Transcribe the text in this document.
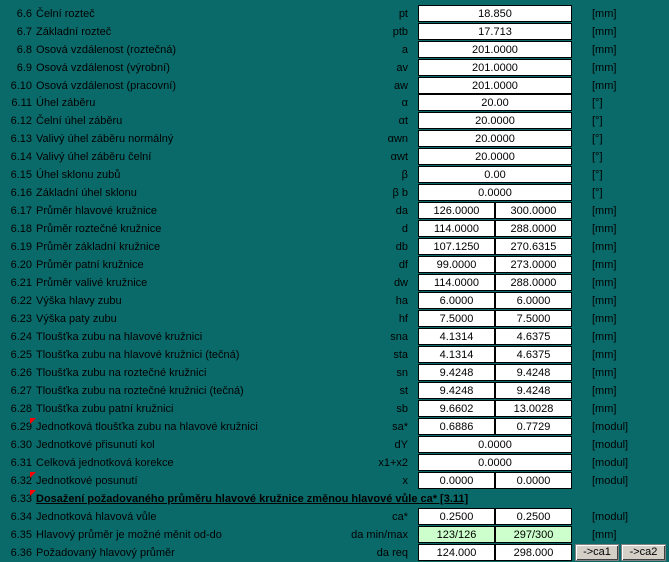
6.6 Čelní rozteč	pt	18.850	[mm]
6.7 Základní rozteč	ptb	17.713	[mm]
6.8 Osová vzdálenost (roztečná)	a	201.0000	[mm]
6.9 Osová vzdálenost (výrobní)	av	201.0000	[mm]
6.10 Osová vzdálenost (pracovní)	aw	201.0000	[mm]
6.11 Úhel záběru	α	20.00	[°]
6.12 Čelní úhel záběru	αt	20.0000	[°]
6.13 Valivý úhel záběru normálný	αwn	20.0000	[°]
6.14 Valivý úhel záběru čelní	αwt	20.0000	[°]
6.15 Úhel sklonu zubů	β	0.00	[°]
6.16 Základní úhel sklonu	β b	0.0000	[°]
6.17 Průměr hlavové kružnice	da	126.0000	300.0000	[mm]
6.18 Průměr roztečné kružnice	d	114.0000	288.0000	[mm]
6.19 Průměr základní kružnice	db	107.1250	270.6315	[mm]
6.20 Průměr patní kružnice	df	99.0000	273.0000	[mm]
6.21 Průměr valivé kružnice	dw	114.0000	288.0000	[mm]
6.22 Výška hlavy zubu	ha	6.0000	6.0000	[mm]
6.23 Výška paty zubu	hf	7.5000	7.5000	[mm]
6.24 Tloušťka zubu na hlavové kružnici	sna	4.1314	4.6375	[mm]
6.25 Tloušťka zubu na hlavové kružnici (tečná)	sta	4.1314	4.6375	[mm]
6.26 Tloušťka zubu na roztečné kružnici	sn	9.4248	9.4248	[mm]
6.27 Tloušťka zubu na roztečné kružnici (tečná)	st	9.4248	9.4248	[mm]
6.28 Tloušťka zubu patní kružnici	sb	9.6602	13.0028	[mm]
6.29 Jednotková tloušťka zubu na hlavové kružnici	sa*	0.6886	0.7729	[modul]
6.30 Jednotkové přisunutí kol	dY	0.0000	[modul]
6.31 Celková jednotková korekce	x1+x2	0.0000	[modul]
6.32 Jednotkové posunutí	x	0.0000	0.0000	[modul]
6.33 Dosažení požadovaného průměru hlavové kružnice změnou hlavové vůle ca* [3.11]
6.34 Jednotková hlavová vůle	ca*	0.2500	0.2500	[modul]
6.35 Hlavový průměr je možné měnit od-do	da min/max	123/126	297/300	[mm]
6.36 Požadovaný hlavový průměr	da req	124.000	298.000	->ca1	->ca2
